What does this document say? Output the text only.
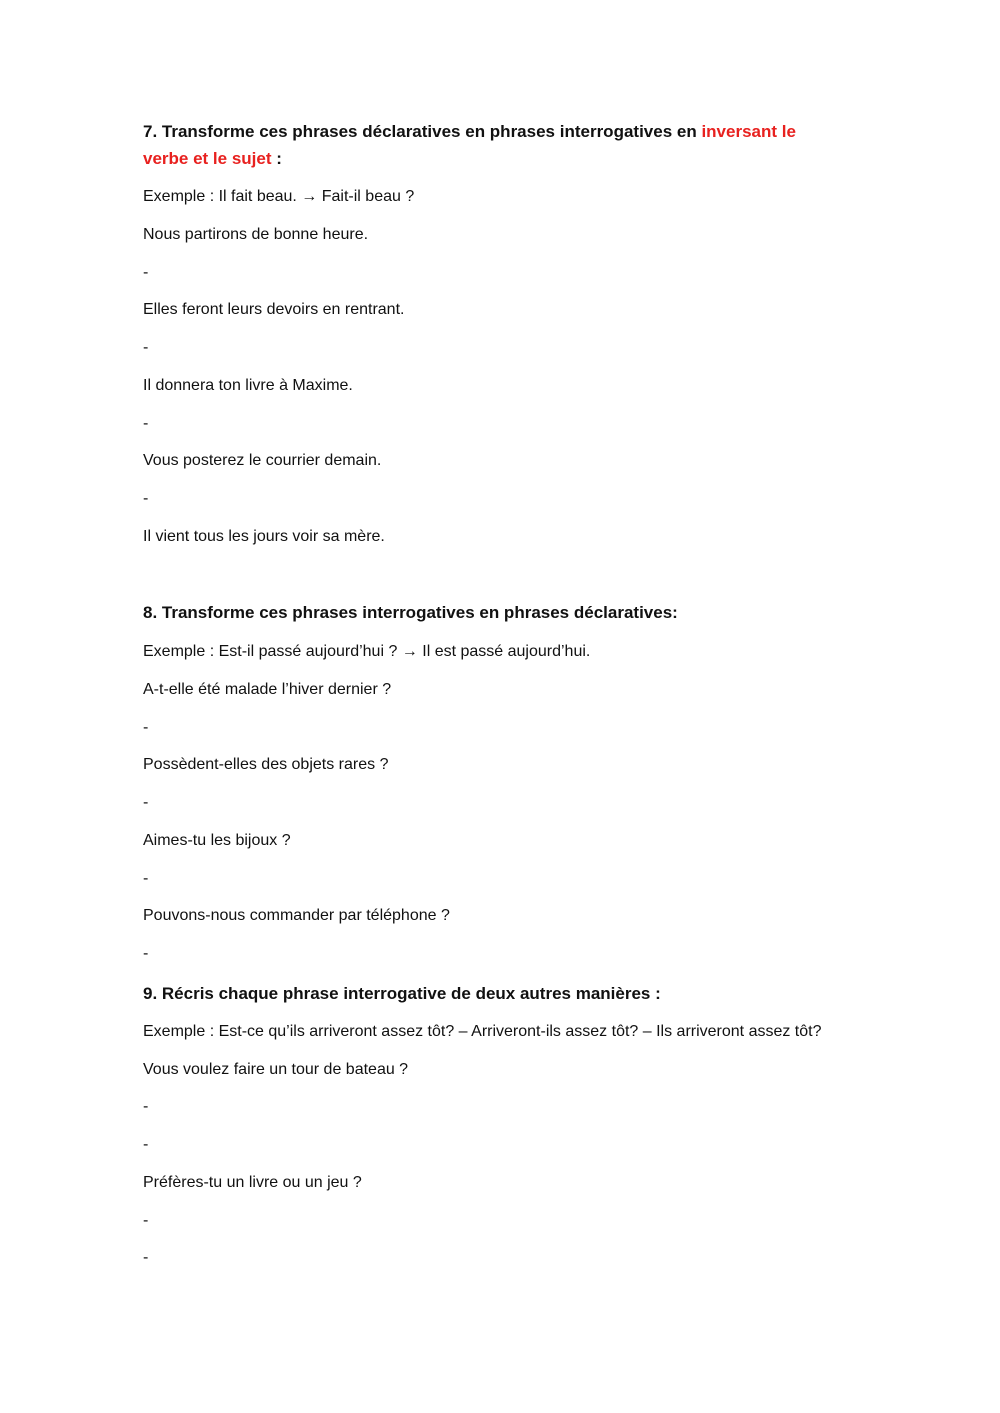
7. Transforme ces phrases déclaratives en phrases interrogatives en inversant le verbe et le sujet :
Exemple : Il fait beau. → Fait-il beau ?
Nous partirons de bonne heure.
-
Elles feront leurs devoirs en rentrant.
-
Il donnera ton livre à Maxime.
-
Vous posterez le courrier demain.
-
Il vient tous les jours voir sa mère.
8. Transforme ces phrases interrogatives en phrases déclaratives:
Exemple : Est-il passé aujourd’hui ? → Il est passé aujourd’hui.
A-t-elle été malade l’hiver dernier ?
-
Possèdent-elles des objets rares ?
-
Aimes-tu les bijoux ?
-
Pouvons-nous commander par téléphone ?
-
9. Récris chaque phrase interrogative de deux autres manières :
Exemple : Est-ce qu’ils arriveront assez tôt? – Arriveront-ils assez tôt? – Ils arriveront assez tôt?
Vous voulez faire un tour de bateau ?
-
-
Préfères-tu un livre ou un jeu ?
-
-
